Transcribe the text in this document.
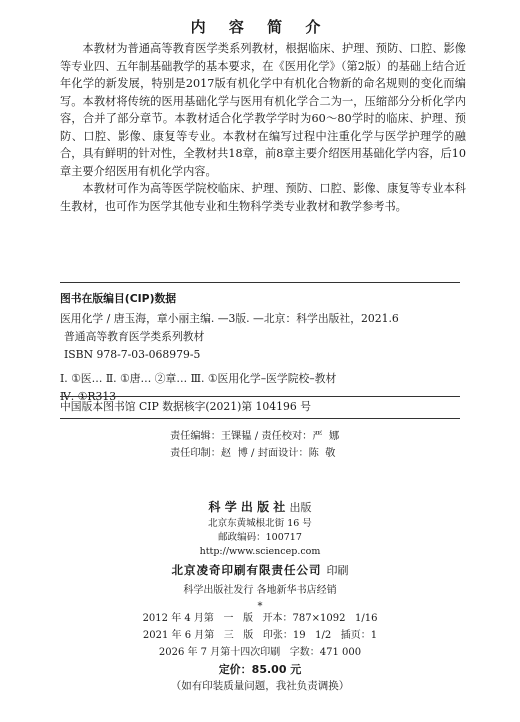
内 容 简 介

本教材为普通高等教育医学类系列教材，根据临床、护理、预防、口腔、影像等专业四、五年制基础教学的基本要求，在《医用化学》（第2版）的基础上结合近年化学的新发展，特别是2017版有机化学中有机化合物新的命名规则的变化而编写。本教材将传统的医用基础化学与医用有机化学合二为一，压缩部分分析化学内容，合并了部分章节。本教材适合化学教学学时为60～80学时的临床、护理、预防、口腔、影像、康复等专业。本教材在编写过程中注重化学与医学护理学的融合，具有鲜明的针对性，全教材共18章，前8章主要介绍医用基础化学内容，后10章主要介绍医用有机化学内容。

本教材可作为高等医学院校临床、护理、预防、口腔、影像、康复等专业本科生教材，也可作为医学其他专业和生物科学类专业教材和教学参考书。

图书在版编目(CIP)数据
医用化学 / 唐玉海，章小丽主编. —3版. —北京：科学出版社，2021.6
普通高等教育医学类系列教材
ISBN 978-7-03-068979-5
Ⅰ. ①医… Ⅱ. ①唐… ②章… Ⅲ. ①医用化学–医学院校–教材
Ⅳ. ①R313
中国版本图书馆 CIP 数据核字(2021)第 104196 号
责任编辑：王锞韫 / 责任校对：严  娜
责任印制：赵  博 / 封面设计：陈  敬
科 学 出 版 社 出版
北京东黄城根北街 16 号
邮政编码：100717
http://www.sciencep.com
北京凌奇印刷有限责任公司 印刷
科学出版社发行 各地新华书店经销
*
2012 年 4 月第   一   版   开本：787×1092   1/16
2021 年 6 月第   三   版   印张：19   1/2   插页：1
2026 年 7 月第十四次印刷   字数：471 000
定价：85.00 元
（如有印装质量问题，我社负责调换）
